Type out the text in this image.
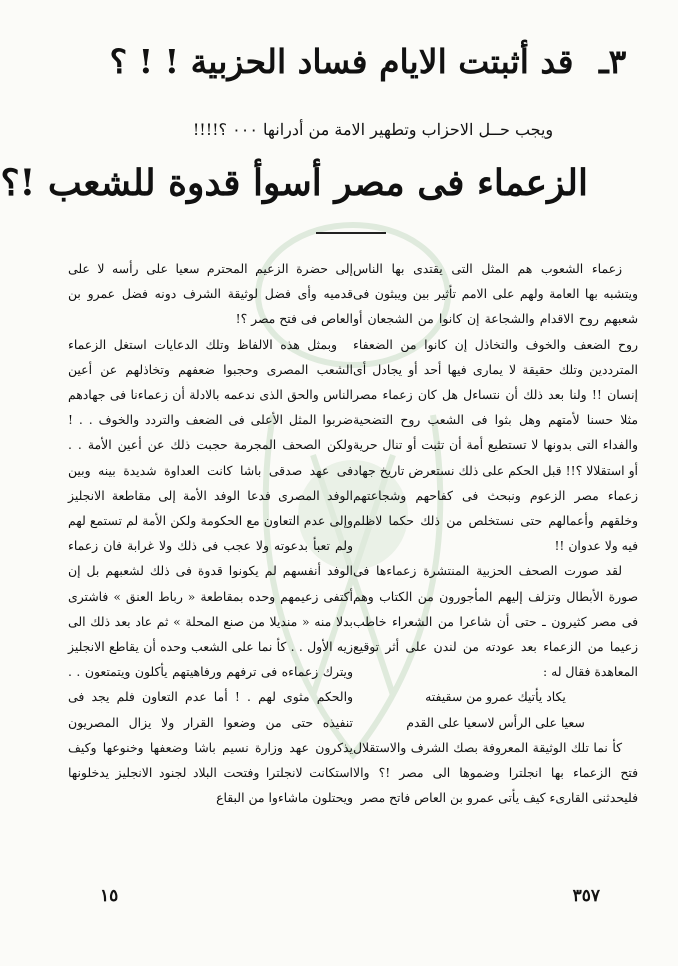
٣ـ قد أثبتت الايام فساد الحزبية ! ! ؟
ويجب حــل الاحزاب وتطهير الامة من أدرانها ٠٠٠ ؟!!!!
الزعماء فى مصر أسوأ قدوة للشعب !؟

زعماء الشعوب هم المثل التى يقتدى بها الناس ويتشبه بها العامة ولهم على الامم تأثير بين ويبثون فى شعبهم روح الاقدام والشجاعة إن كانوا من الشجعان أو روح الضعف والخوف والتخاذل إن كانوا من الضعفاء المترددين وتلك حقيقة لا يمارى فيها أحد أو يجادل أى إنسان !! ولنا بعد ذلك أن نتساءل هل كان زعماء مصر مثلا حسنا لأمتهم وهل بثوا فى الشعب روح التضحية والفداء التى بدونها لا تستطيع أمة أن تثبت أو تنال حرية أو استقلالا ؟!! قبل الحكم على ذلك نستعرض تاريخ جهاد زعماء مصر الزعوم ونبحث فى كفاحهم وشجاعتهم وخلقهم وأعمالهم حتى نستخلص من ذلك حكما لاظلم فيه ولا عدوان !!

لقد صورت الصحف الحزبية المنتشرة زعماءها فى صورة الأبطال وتزلف إليهم المأجورون من الكتاب وهم فى مصر كثيرون ـ حتى أن شاعرا من الشعراء خاطب زعيما من الزعماء بعد عودته من لندن على أثر توقيع المعاهدة فقال له :

يكاد يأتيك عمرو من سقيفته

سعيا على الرأس لاسعيا على القدم

كأ نما تلك الوثيقة المعروفة بصك الشرف والاستقلال فتح الزعماء بها انجلترا وضموها الى مصر !؟ والا فليحدثنى القارىء كيف يأتى عمرو بن العاص فاتح مصر

إلى حضرة الزعيم المحترم سعيا على رأسه لا على قدميه وأى فضل لوثيقة الشرف دونه فضل عمرو بن العاص فى فتح مصر ؟!

وبمثل هذه الالفاظ وتلك الدعايات استغل الزعماء الشعب المصرى وحجبوا ضعفهم وتخاذلهم عن أعين الناس والحق الذى ندعمه بالادلة أن زعماءنا فى جهادهم ضربوا المثل الأعلى فى الضعف والتردد والخوف . . ! ولكن الصحف المجرمة حجبت ذلك عن أعين الأمة . . فى عهد صدقى باشا كانت العداوة شديدة بينه وبين الوفد المصرى فدعا الوفد الأمة إلى مقاطعة الانجليز وإلى عدم التعاون مع الحكومة ولكن الأمة لم تستمع لهم ولم تعبأ بدعوته ولا عجب فى ذلك ولا غرابة فان زعماء الوفد أنفسهم لم يكونوا قدوة فى ذلك لشعبهم بل إن أكتفى زعيمهم وحده بمقاطعة « رباط العنق » فاشترى بدلا منه « منديلا من صنع المحلة » ثم عاد بعد ذلك الى زيه الأول . . كأ نما على الشعب وحده أن يقاطع الانجليز ويترك زعماءه فى ترفهم ورفاهيتهم يأكلون ويتمتعون . . والحكم مثوى لهم . ! أما عدم التعاون فلم يجد فى تنفيذه حتى من وضعوا القرار ولا يزال المصريون يذكرون عهد وزارة نسيم باشا وضعفها وخنوعها وكيف استكانت لانجلترا وفتحت البلاد لجنود الانجليز يدخلونها ويحتلون ماشاءوا من البقاع

٣٥٧
١٥
